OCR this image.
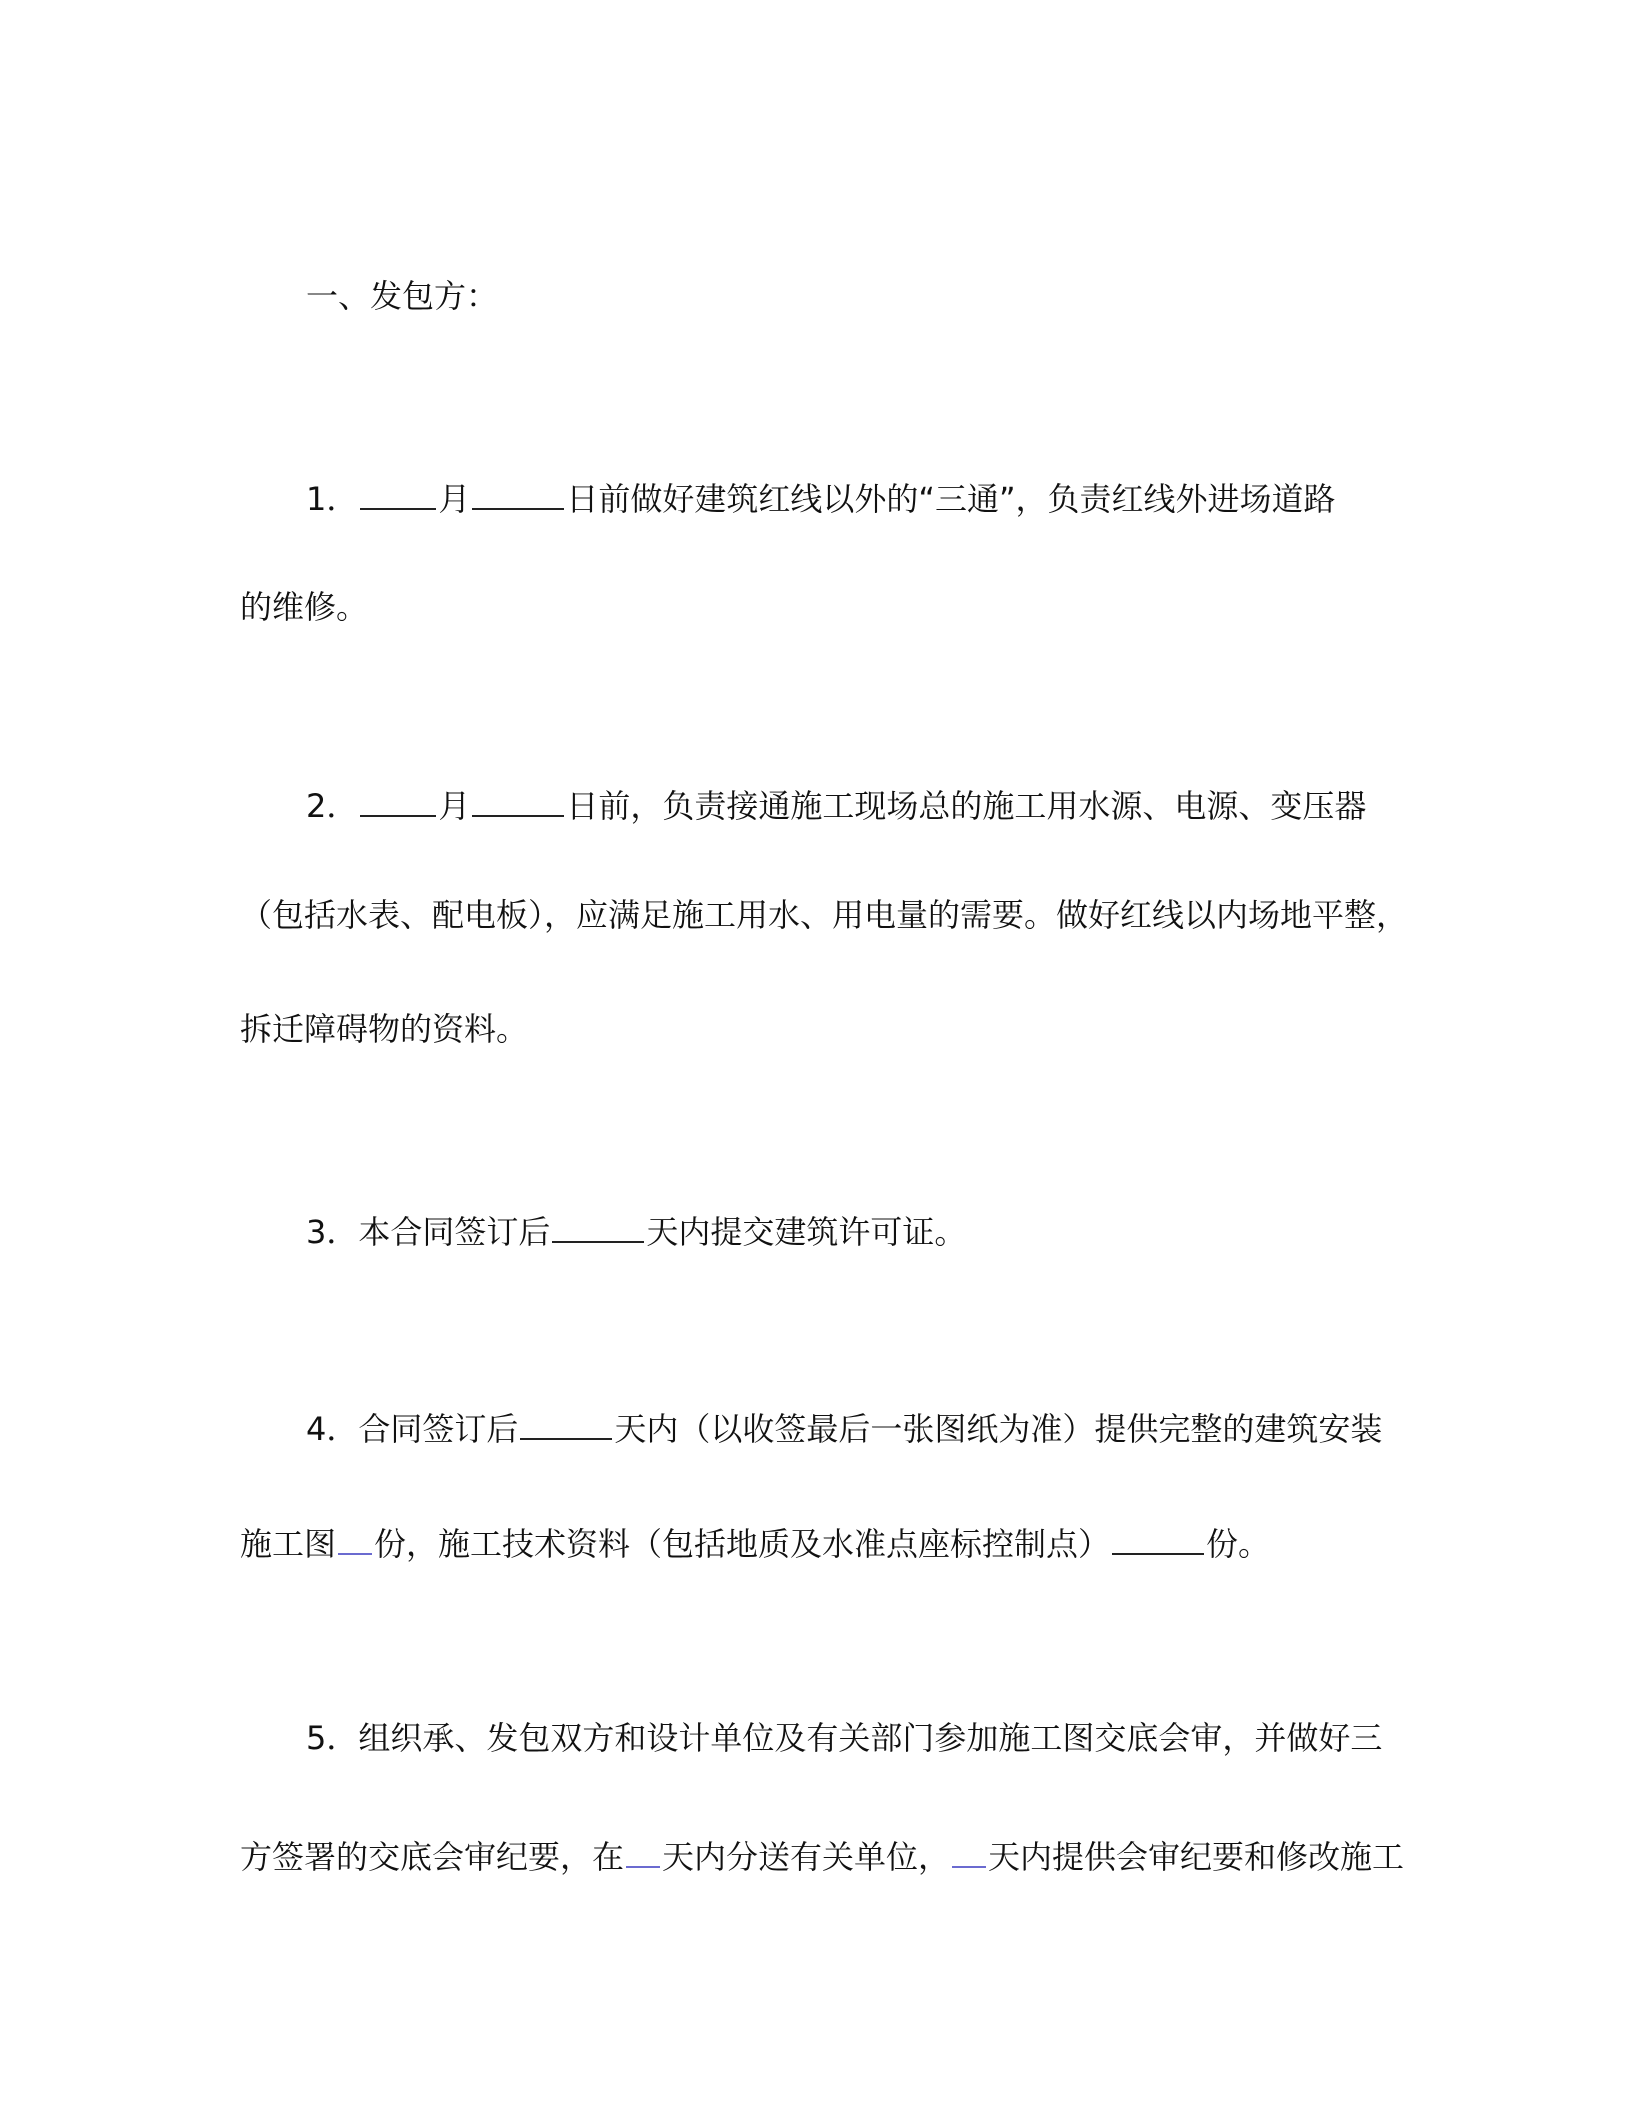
一、发包方：
1．	月	日前做好建筑红线以外的“三通”，负责红线外进场道路
的维修。
2．	月	日前，负责接通施工现场总的施工用水源、电源、变压器
（包括水表、配电板），应满足施工用水、用电量的需要。做好红线以内场地平整，
拆迁障碍物的资料。
3．本合同签订后	天内提交建筑许可证。
4．合同签订后	天内（以收签最后一张图纸为准）提供完整的建筑安装
施工图 份，施工技术资料（包括地质及水准点座标控制点）	份。
5．组织承、发包双方和设计单位及有关部门参加施工图交底会审，并做好三
方签署的交底会审纪要，在 天内分送有关单位， 天内提供会审纪要和修改施工
